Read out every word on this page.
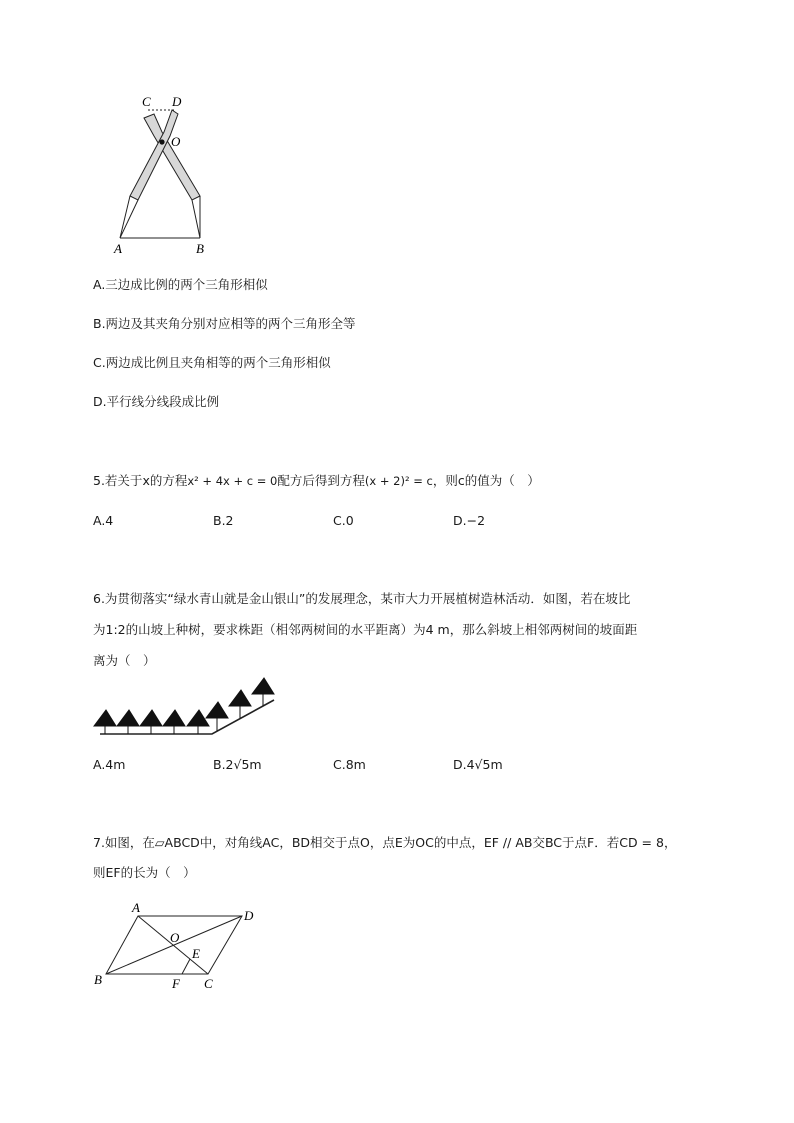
C D
O
A	B
A.三边成比例的两个三角形相似
B.两边及其夹角分别对应相等的两个三角形全等
C.两边成比例且夹角相等的两个三角形相似
D.平行线分线段成比例
5.若关于x的方程x² + 4x + c = 0配方后得到方程(x + 2)² = c，则c的值为（　）
A.4	B.2	C.0	D.−2
6.为贯彻落实“绿水青山就是金山银山”的发展理念，某市大力开展植树造林活动．如图，若在坡比
为1:2的山坡上种树，要求株距（相邻两树间的水平距离）为4 m，那么斜坡上相邻两树间的坡面距
离为（　）
A.4m	B.2√5m	C.8m	D.4√5m
7.如图，在▱ABCD中，对角线AC，BD相交于点O，点E为OC的中点，EF // AB交BC于点F．若CD = 8，
则EF的长为（　）
A
D
O
E
B	F C
